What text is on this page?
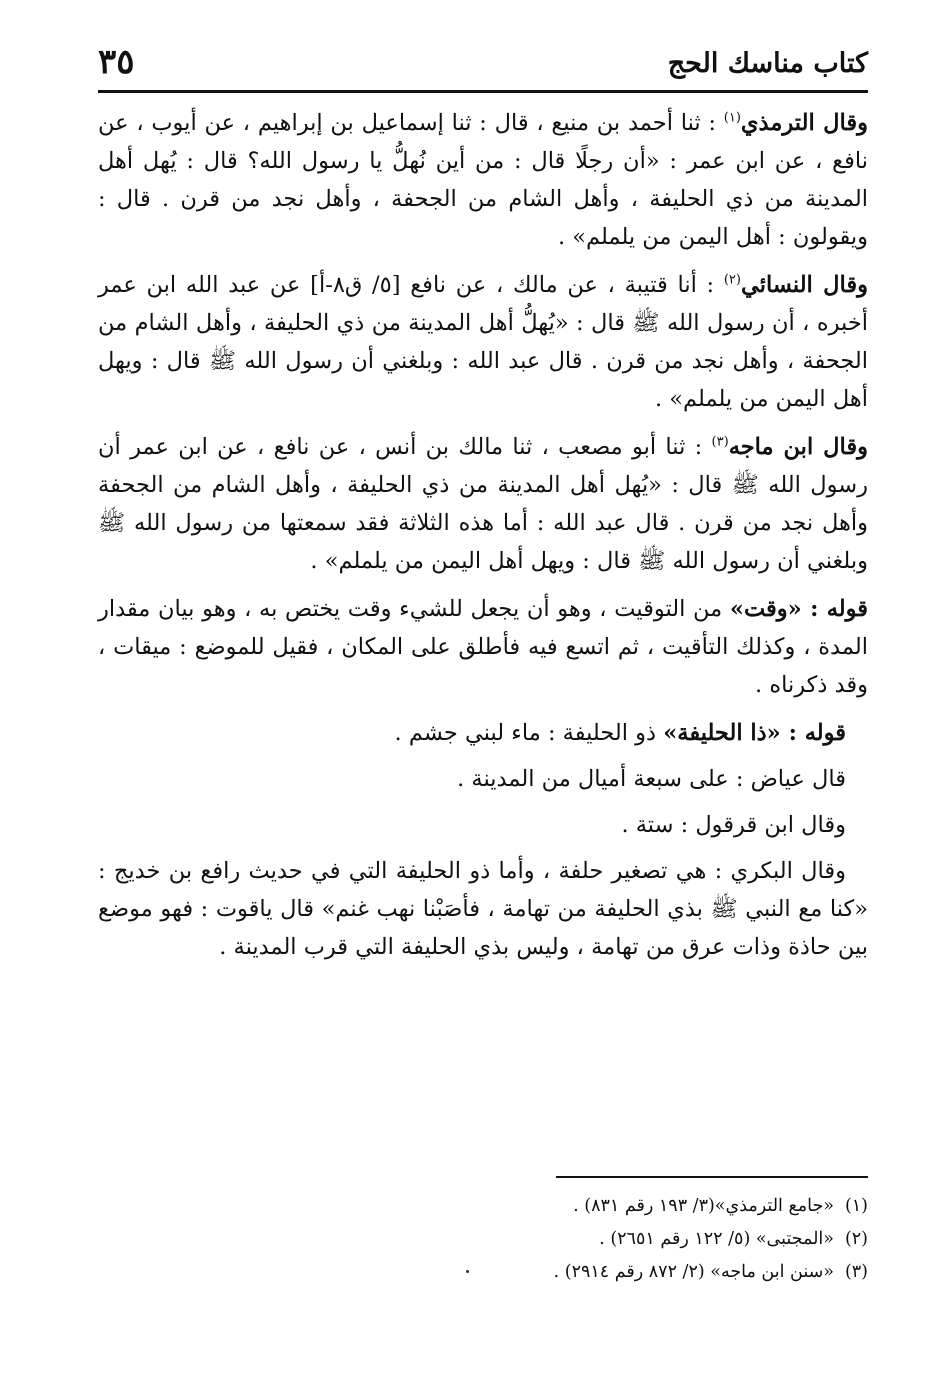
٣٥	كتاب مناسك الحج

وقال الترمذي$^{(١)}$ : ثنا أحمد بن منيع ، قال : ثنا إسماعيل بن إبراهيم ، عن أيوب ، عن نافع ، عن ابن عمر : «أن رجلًا قال : من أين نُهلُّ يا رسول الله؟ قال : يُهل أهل المدينة من ذي الحليفة ، وأهل الشام من الجحفة ، وأهل نجد من قرن . قال : ويقولون : أهل اليمن من يلملم» .

وقال النسائي$^{(٢)}$ : أنا قتيبة ، عن مالك ، عن نافع [٥/ ق٨-أ] عن عبد الله ابن عمر أخبره ، أن رسول الله ﷺ قال : «يُهلُّ أهل المدينة من ذي الحليفة ، وأهل الشام من الجحفة ، وأهل نجد من قرن . قال عبد الله : وبلغني أن رسول الله ﷺ قال : ويهل أهل اليمن من يلملم» .

وقال ابن ماجه$^{(٣)}$ : ثنا أبو مصعب ، ثنا مالك بن أنس ، عن نافع ، عن ابن عمر أن رسول الله ﷺ قال : «يُهل أهل المدينة من ذي الحليفة ، وأهل الشام من الجحفة وأهل نجد من قرن . قال عبد الله : أما هذه الثلاثة فقد سمعتها من رسول الله ﷺ وبلغني أن رسول الله ﷺ قال : ويهل أهل اليمن من يلملم» .

قوله : «وقت» من التوقيت ، وهو أن يجعل للشيء وقت يختص به ، وهو بيان مقدار المدة ، وكذلك التأقيت ، ثم اتسع فيه فأطلق على المكان ، فقيل للموضع : ميقات ، وقد ذكرناه .

قوله : «ذا الحليفة» ذو الحليفة : ماء لبني جشم .

قال عياض : على سبعة أميال من المدينة .

وقال ابن قرقول : ستة .

وقال البكري : هي تصغير حلفة ، وأما ذو الحليفة التي في حديث رافع بن خديج : «كنا مع النبي ﷺ بذي الحليفة من تهامة ، فأصَبْنا نهب غنم» قال ياقوت : فهو موضع بين حاذة وذات عرق من تهامة ، وليس بذي الحليفة التي قرب المدينة .

(١)«جامع الترمذي»(٣/ ١٩٣ رقم ٨٣١) .

(٢)«المجتبى» (٥/ ١٢٢ رقم ٢٦٥١) .

(٣)«سنن ابن ماجه» (٢/ ٨٧٢ رقم ٢٩١٤) .
